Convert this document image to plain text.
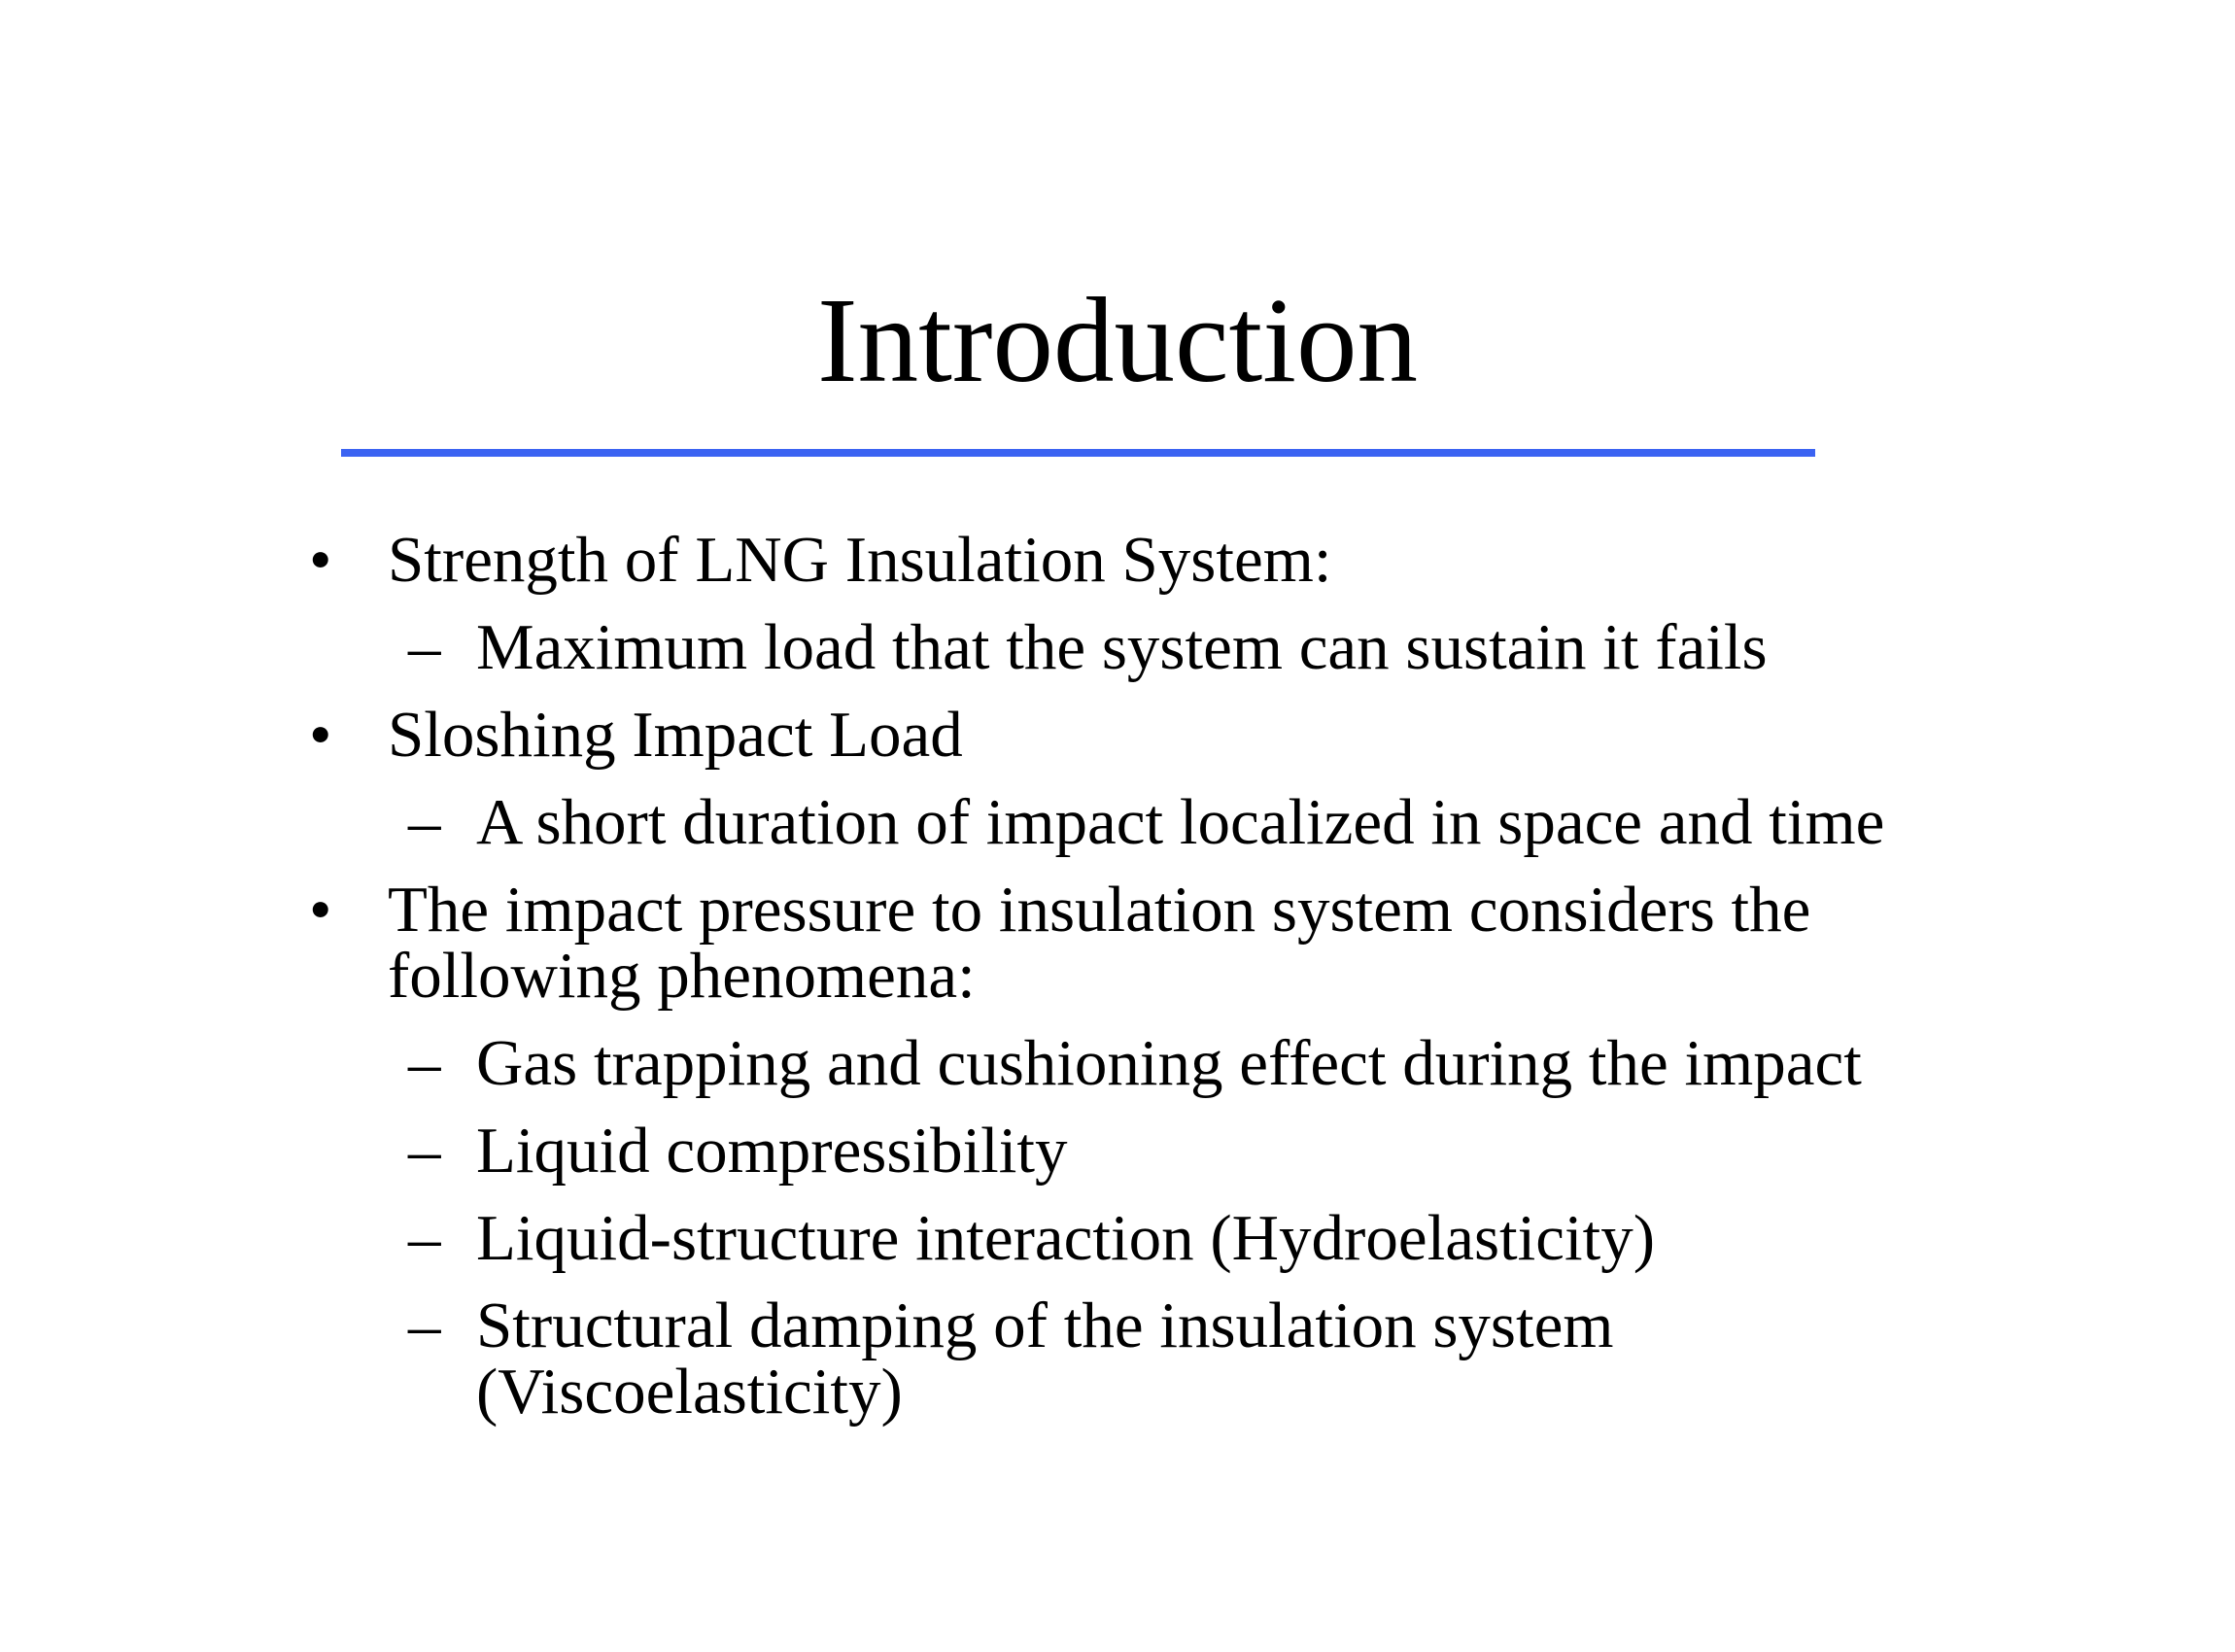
Introduction
• Strength of LNG Insulation System:
– Maximum load that the system can sustain it fails
• Sloshing Impact Load
– A short duration of impact localized in space and time
• The impact pressure to insulation system considers the following phenomena:
– Gas trapping and cushioning effect during the impact
– Liquid compressibility
– Liquid-structure interaction (Hydroelasticity)
– Structural damping of the insulation system (Viscoelasticity)
